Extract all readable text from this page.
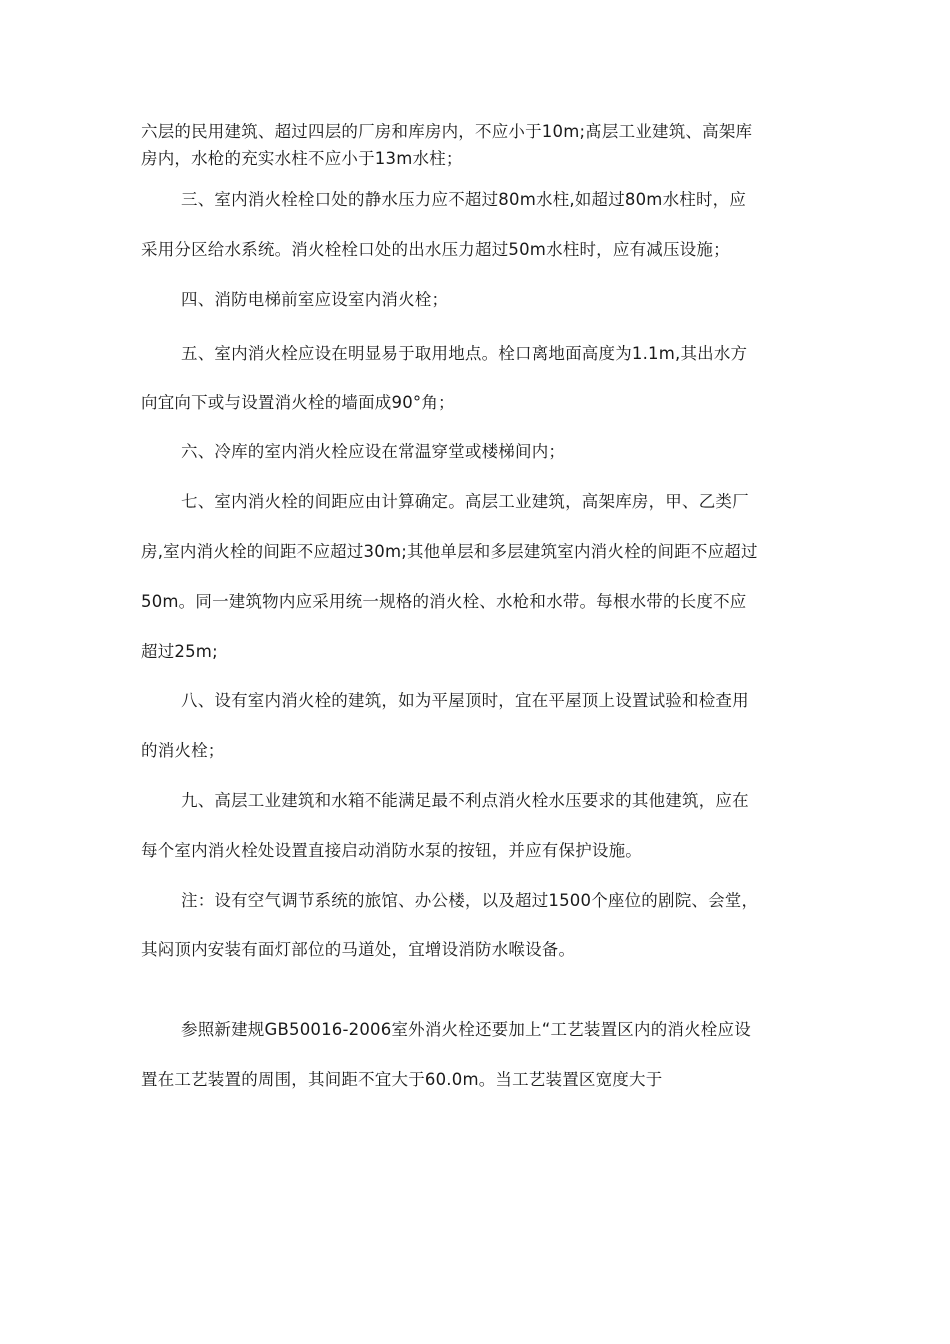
六层的民用建筑、超过四层的厂房和库房内，不应小于10m;髙层工业建筑、高架库
房内，水枪的充实水柱不应小于13m水柱；
三、室内消火栓栓口处的静水压力应不超过80m水柱,如超过80m水柱时，应
采用分区给水系统。消火栓栓口处的出水压力超过50m水柱时，应有减压设施；
四、消防电梯前室应设室内消火栓；
五、室内消火栓应设在明显易于取用地点。栓口离地面高度为1.1m,其出水方
向宜向下或与设置消火栓的墙面成90°角；
六、冷库的室内消火栓应设在常温穿堂或楼梯间内；
七、室内消火栓的间距应由计算确定。高层工业建筑，高架库房，甲、乙类厂
房,室内消火栓的间距不应超过30m;其他单层和多层建筑室内消火栓的间距不应超过
50m。同一建筑物内应采用统一规格的消火栓、水枪和水带。每根水带的长度不应
超过25m;
八、设有室内消火栓的建筑，如为平屋顶时，宜在平屋顶上设置试验和检查用
的消火栓；
九、高层工业建筑和水箱不能满足最不利点消火栓水压要求的其他建筑，应在
每个室内消火栓处设置直接启动消防水泵的按钮，并应有保护设施。
注：设有空气调节系统的旅馆、办公楼，以及超过1500个座位的剧院、会堂，
其闷顶内安装有面灯部位的马道处，宜增设消防水喉设备。
参照新建规GB50016-2006室外消火栓还要加上“工艺装置区内的消火栓应设
置在工艺装置的周围，其间距不宜大于60.0m。当工艺装置区宽度大于
